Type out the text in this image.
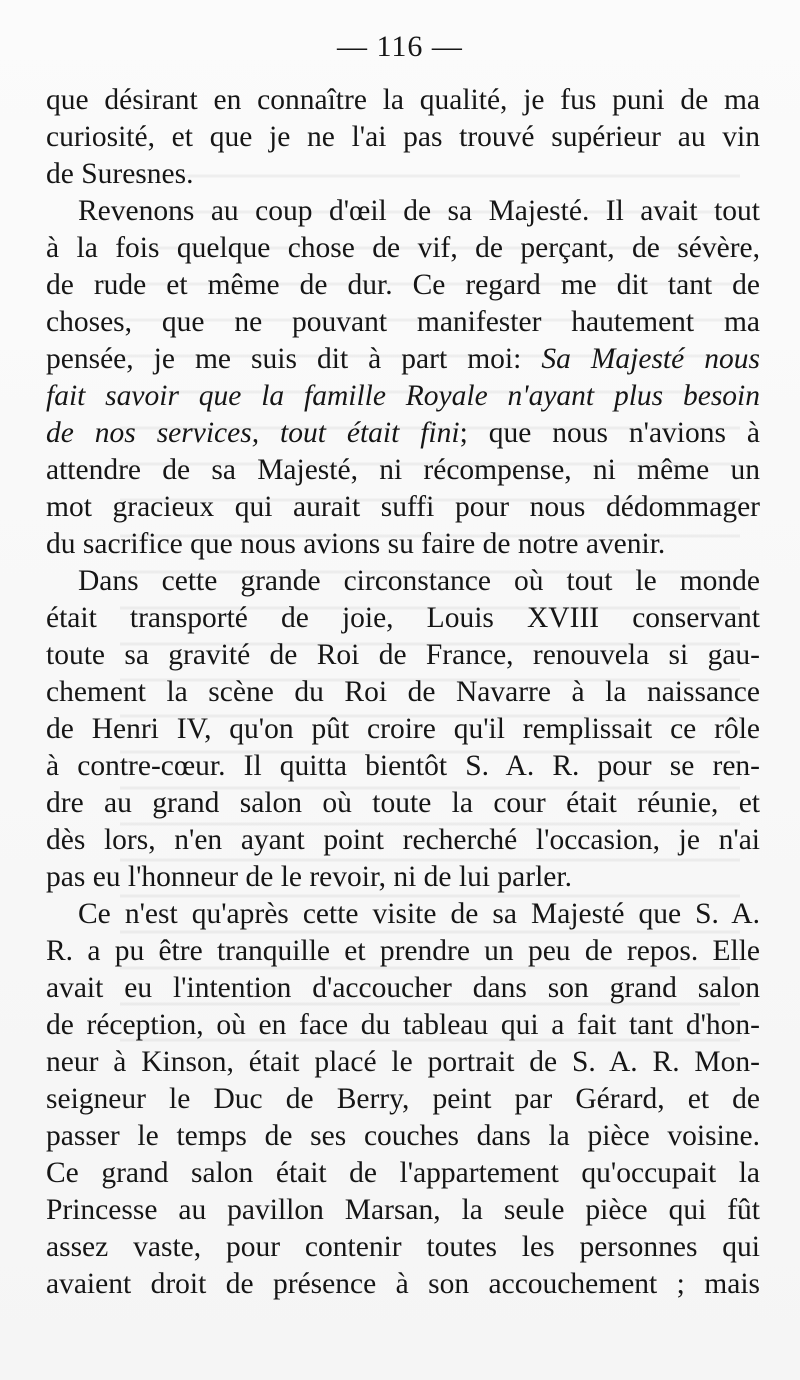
— 116 —
que désirant en connaître la qualité, je fus puni de ma
curiosité, et que je ne l'ai pas trouvé supérieur au vin
de Suresnes.
Revenons au coup d'œil de sa Majesté. Il avait tout
à la fois quelque chose de vif, de perçant, de sévère,
de rude et même de dur. Ce regard me dit tant de
choses, que ne pouvant manifester hautement ma
pensée, je me suis dit à part moi: Sa Majesté nous
fait savoir que la famille Royale n'ayant plus besoin
de nos services, tout était fini; que nous n'avions à
attendre de sa Majesté, ni récompense, ni même un
mot gracieux qui aurait suffi pour nous dédommager
du sacrifice que nous avions su faire de notre avenir.
Dans cette grande circonstance où tout le monde
était transporté de joie, Louis XVIII conservant
toute sa gravité de Roi de France, renouvela si gau-
chement la scène du Roi de Navarre à la naissance
de Henri IV, qu'on pût croire qu'il remplissait ce rôle
à contre-cœur. Il quitta bientôt S. A. R. pour se ren-
dre au grand salon où toute la cour était réunie, et
dès lors, n'en ayant point recherché l'occasion, je n'ai
pas eu l'honneur de le revoir, ni de lui parler.
Ce n'est qu'après cette visite de sa Majesté que S. A.
R. a pu être tranquille et prendre un peu de repos. Elle
avait eu l'intention d'accoucher dans son grand salon
de réception, où en face du tableau qui a fait tant d'hon-
neur à Kinson, était placé le portrait de S. A. R. Mon-
seigneur le Duc de Berry, peint par Gérard, et de
passer le temps de ses couches dans la pièce voisine.
Ce grand salon était de l'appartement qu'occupait la
Princesse au pavillon Marsan, la seule pièce qui fût
assez vaste, pour contenir toutes les personnes qui
avaient droit de présence à son accouchement ; mais
